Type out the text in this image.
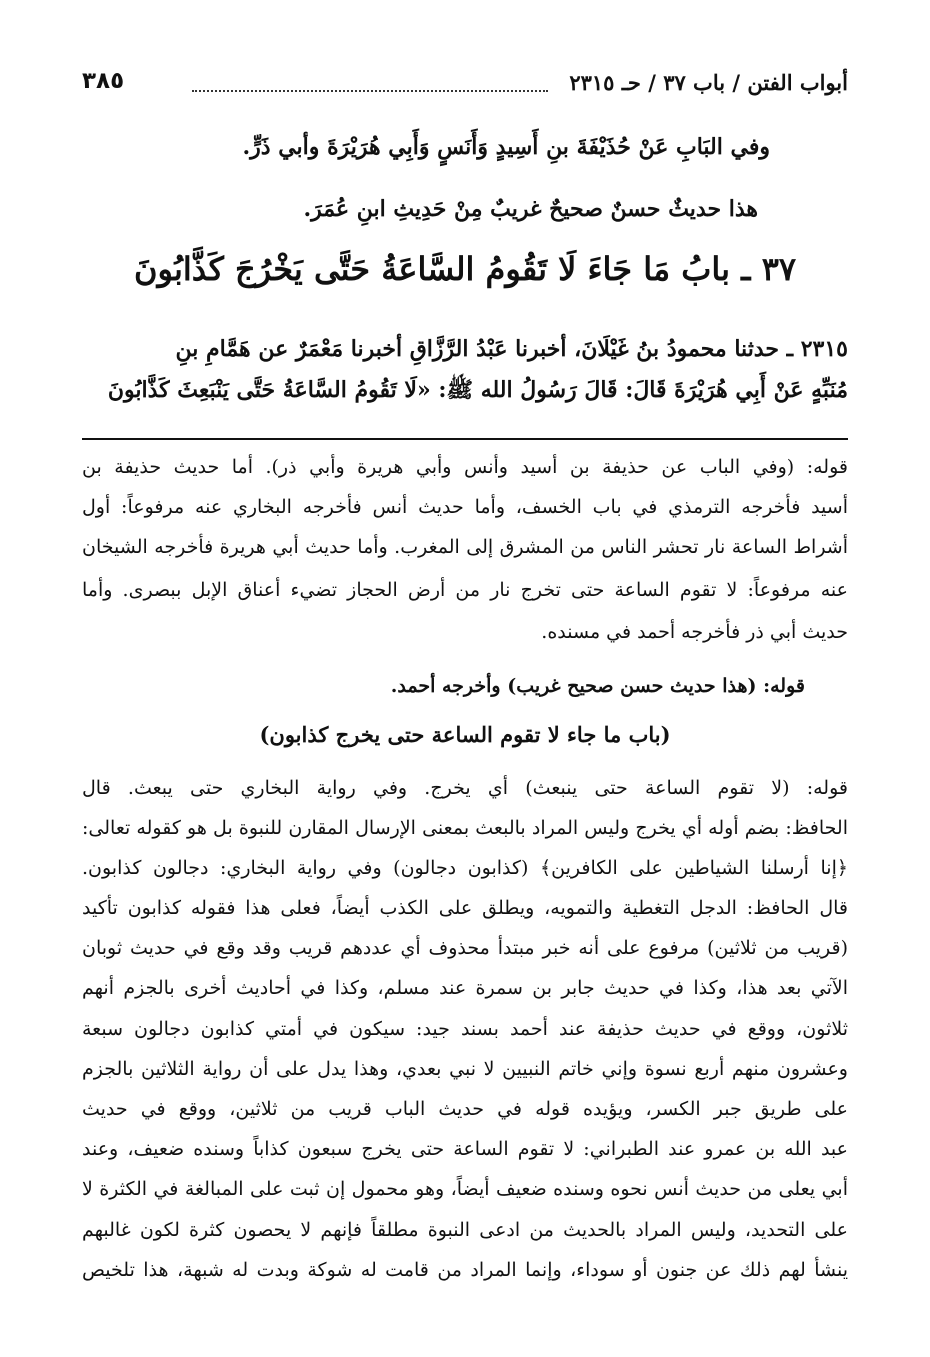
أبواب الفتن / باب ٣٧ / حـ ٢٣١٥
٣٨٥
وفي البَابِ عَنْ حُذَيْفَةَ بنِ أَسِيدٍ وَأَنَسٍ وَأَبِي هُرَيْرَةَ وأبي ذَرٍّ.
هذا حديثٌ حسنٌ صحيحٌ غريبٌ مِنْ حَدِيثِ ابنِ عُمَرَ.
٣٧ ـ بابُ مَا جَاءَ لَا تَقُومُ السَّاعَةُ حَتَّى يَخْرُجَ كَذَّابُونَ
٢٣١٥ ـ حدثنا محمودُ بنُ غَيْلَانَ، أخبرنا عَبْدُ الرَّزَّاقِ أخبرنا مَعْمَرٌ عن هَمَّامِ بنِ
مُنَبِّهٍ عَنْ أَبِي هُرَيْرَةَ قَالَ: قَالَ رَسُولُ الله ﷺ: «لَا تَقُومُ السَّاعَةُ حَتَّى يَنْبَعِثَ كَذَّابُونَ
قوله: (وفي الباب عن حذيفة بن أسيد وأنس وأبي هريرة وأبي ذر). أما حديث حذيفة بن
أسيد فأخرجه الترمذي في باب الخسف، وأما حديث أنس فأخرجه البخاري عنه مرفوعاً: أول
أشراط الساعة نار تحشر الناس من المشرق إلى المغرب. وأما حديث أبي هريرة فأخرجه الشيخان
عنه مرفوعاً: لا تقوم الساعة حتى تخرج نار من أرض الحجاز تضيء أعناق الإبل ببصرى. وأما
حديث أبي ذر فأخرجه أحمد في مسنده.
قوله: (هذا حديث حسن صحيح غريب) وأخرجه أحمد.
(باب ما جاء لا تقوم الساعة حتى يخرج كذابون)
قوله: (لا تقوم الساعة حتى ينبعث) أي يخرج. وفي رواية البخاري حتى يبعث. قال
الحافظ: بضم أوله أي يخرج وليس المراد بالبعث بمعنى الإرسال المقارن للنبوة بل هو كقوله تعالى:
﴿إنا أرسلنا الشياطين على الكافرين﴾ (كذابون دجالون) وفي رواية البخاري: دجالون كذابون.
قال الحافظ: الدجل التغطية والتمويه، ويطلق على الكذب أيضاً، فعلى هذا فقوله كذابون تأكيد
(قريب من ثلاثين) مرفوع على أنه خبر مبتدأ محذوف أي عددهم قريب وقد وقع في حديث ثوبان
الآتي بعد هذا، وكذا في حديث جابر بن سمرة عند مسلم، وكذا في أحاديث أخرى بالجزم أنهم
ثلاثون، ووقع في حديث حذيفة عند أحمد بسند جيد: سيكون في أمتي كذابون دجالون سبعة
وعشرون منهم أربع نسوة وإني خاتم النبيين لا نبي بعدي، وهذا يدل على أن رواية الثلاثين بالجزم
على طريق جبر الكسر، ويؤيده قوله في حديث الباب قريب من ثلاثين، ووقع في حديث
عبد الله بن عمرو عند الطبراني: لا تقوم الساعة حتى يخرج سبعون كذاباً وسنده ضعيف، وعند
أبي يعلى من حديث أنس نحوه وسنده ضعيف أيضاً، وهو محمول إن ثبت على المبالغة في الكثرة لا
على التحديد، وليس المراد بالحديث من ادعى النبوة مطلقاً فإنهم لا يحصون كثرة لكون غالبهم
ينشأ لهم ذلك عن جنون أو سوداء، وإنما المراد من قامت له شوكة وبدت له شبهة، هذا تلخيص
